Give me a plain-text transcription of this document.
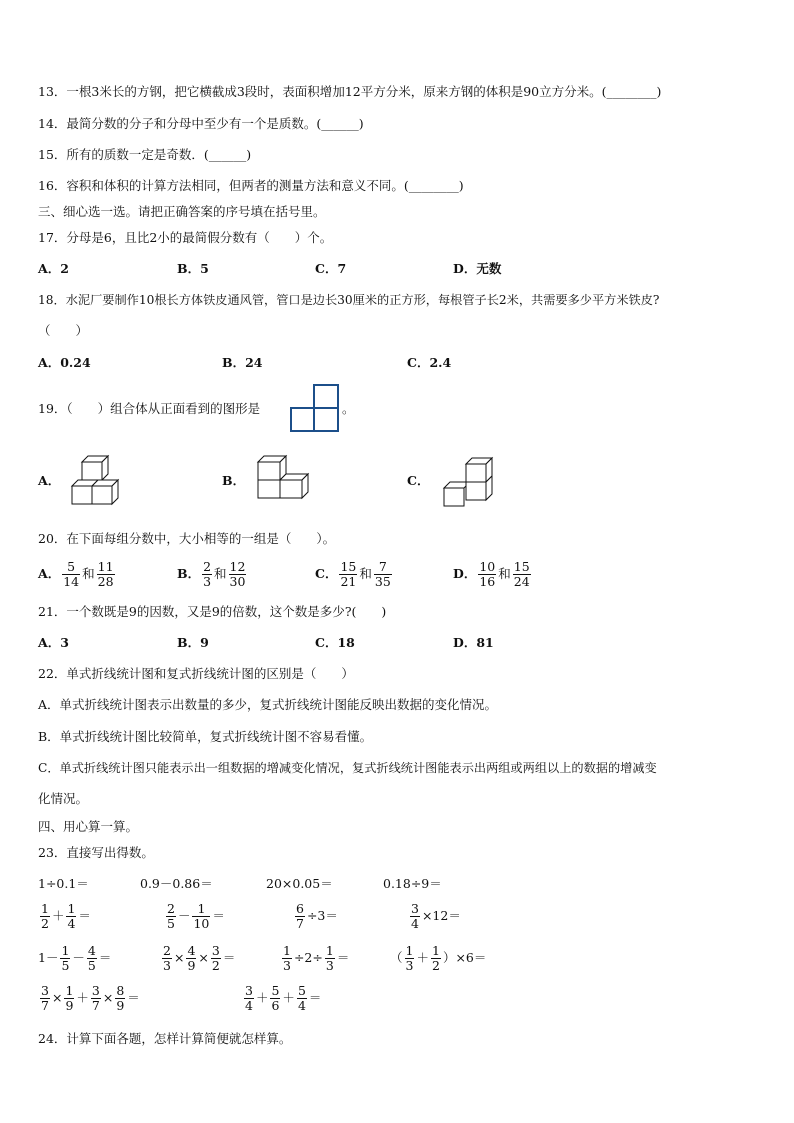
13．一根3米长的方钢，把它横截成3段时，表面积增加12平方分米，原来方钢的体积是90立方分米。(________)
14．最简分数的分子和分母中至少有一个是质数。(______)
15．所有的质数一定是奇数．(______)
16．容积和体积的计算方法相同，但两者的测量方法和意义不同。(________)
三、细心选一选。请把正确答案的序号填在括号里。
17．分母是6，且比2小的最简假分数有（　　）个。
A．2	B．5	C．7	D．无数
18．水泥厂要制作10根长方体铁皮通风管，管口是边长30厘米的正方形，每根管子长2米，共需要多少平方米铁皮?
（　　）
A．0.24	B．24	C．2.4
19．（　　）组合体从正面看到的图形是	。
A．	B．	C．
20．在下面每组分数中，大小相等的一组是（　　）。
A． $\frac{5}{14}$ 和 $\frac{11}{28}$	B． $\frac{2}{3}$ 和 $\frac{12}{30}$	C． $\frac{15}{21}$ 和 $\frac{7}{35}$	D． $\frac{10}{16}$ 和 $\frac{15}{24}$
21．一个数既是9的因数，又是9的倍数，这个数是多少?(　　)
A．3	B．9	C．18	D．81
22．单式折线统计图和复式折线统计图的区别是（　　）
A．单式折线统计图表示出数量的多少，复式折线统计图能反映出数据的变化情况。
B．单式折线统计图比较简单，复式折线统计图不容易看懂。
C．单式折线统计图只能表示出一组数据的增减变化情况，复式折线统计图能表示出两组或两组以上的数据的增减变
化情况。
四、用心算一算。
23．直接写出得数。
1÷0.1＝	0.9－0.86＝	20×0.05＝	0.18÷9＝
$\frac{1}{2} + \frac{1}{4}$ ＝	$\frac{2}{5} - \frac{1}{10}$ ＝	$\frac{6}{7} \div 3=$	$\frac{3}{4} \times 12=$
$1- \frac{1}{5} - \frac{4}{5}$ ＝	$\frac{2}{3} \times \frac{4}{9} \times \frac{3}{2}$ ＝	$\frac{1}{3} \div 2\div \frac{1}{3}$ ＝	（ $\frac{1}{3} + \frac{1}{2} )\times 6=$
$\frac{3}{7} \times \frac{1}{9} + \frac{3}{7} \times \frac{8}{9}$ ＝	$\frac{3}{4} + \frac{5}{6} + \frac{5}{4}$ ＝
24．计算下面各题，怎样计算简便就怎样算。
